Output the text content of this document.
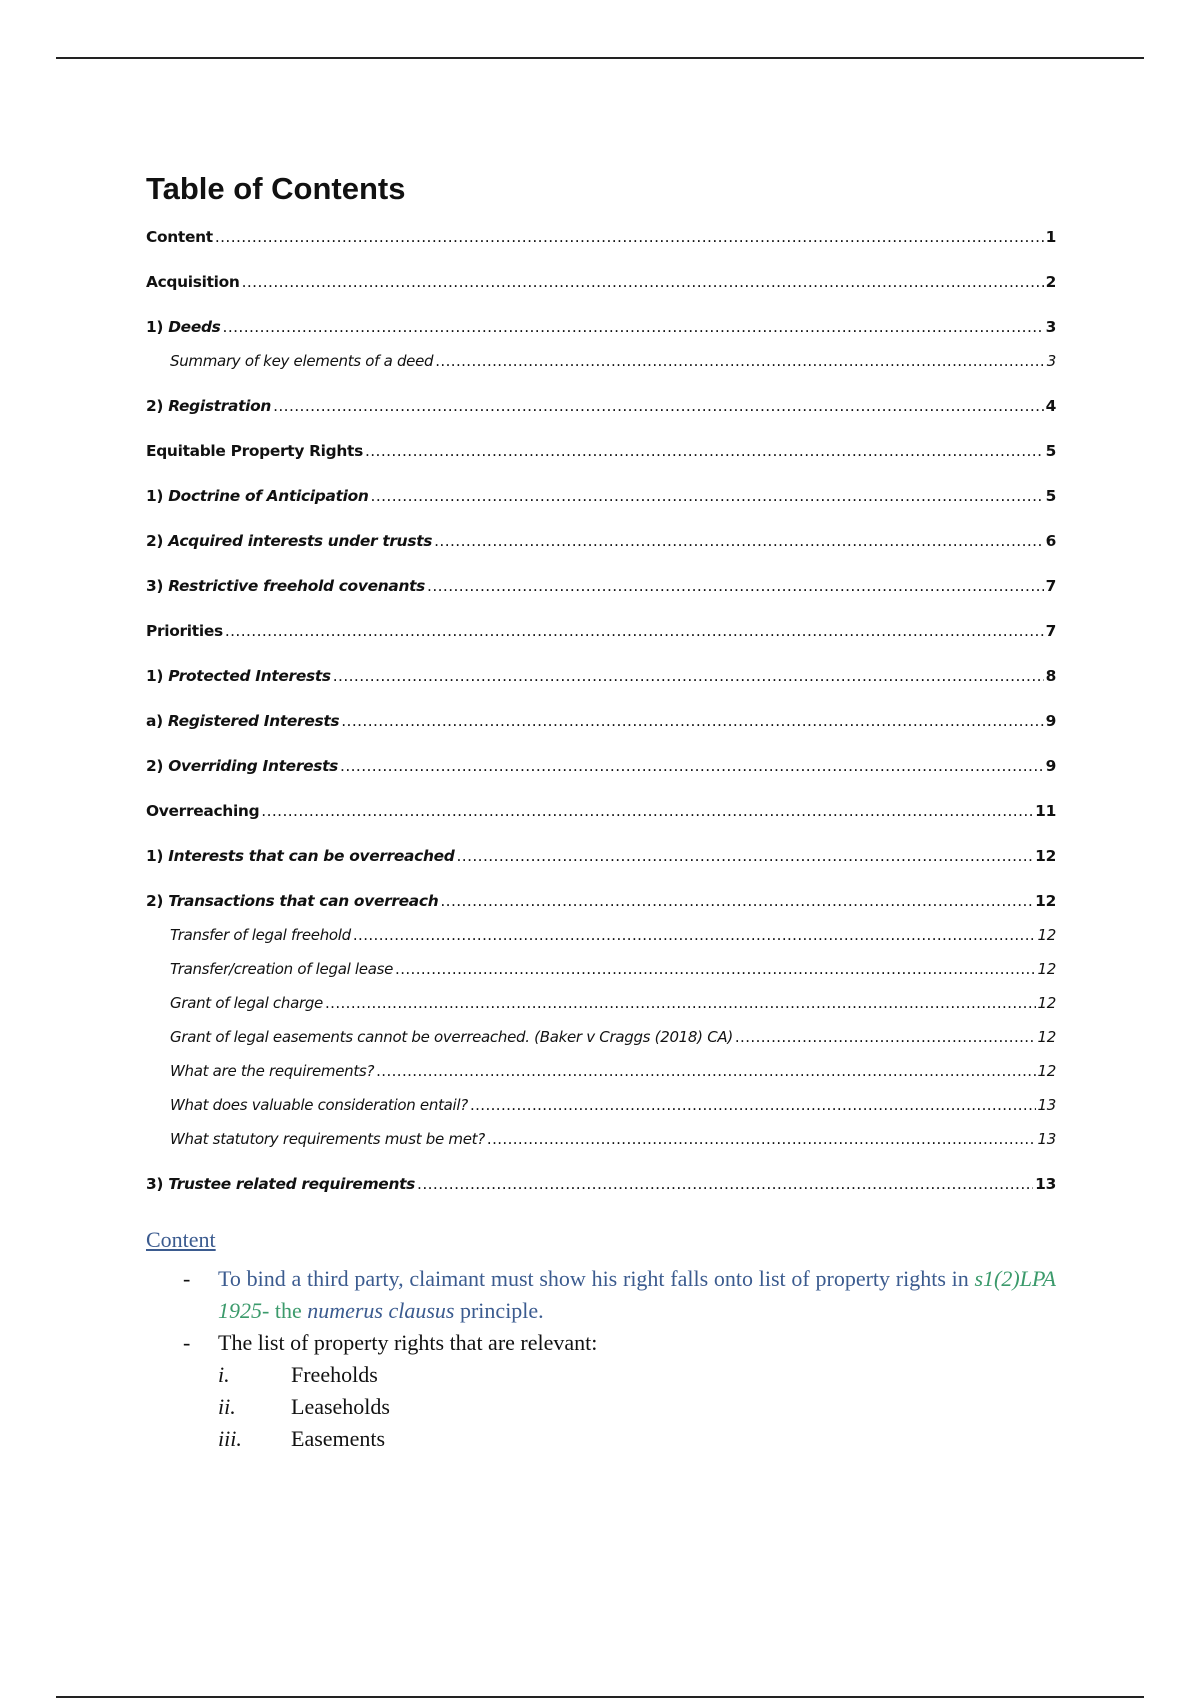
Table of Contents
Content .....	1
Acquisition .....	2
1) Deeds .....	3
Summary of key elements of a deed .....	3
2) Registration .....	4
Equitable Property Rights .....	5
1) Doctrine of Anticipation .....	5
2) Acquired interests under trusts .....	6
3) Restrictive freehold covenants .....	7
Priorities .....	7
1) Protected Interests .....	8
a) Registered Interests .....	9
2) Overriding Interests .....	9
Overreaching .....	11
1) Interests that can be overreached .....	12
2) Transactions that can overreach .....	12
Transfer of legal freehold .....	12
Transfer/creation of legal lease .....	12
Grant of legal charge .....	12
Grant of legal easements cannot be overreached. (Baker v Craggs (2018) CA) .....	12
What are the requirements? .....	12
What does valuable consideration entail? .....	13
What statutory requirements must be met? .....	13
3) Trustee related requirements .....	13
Content
- To bind a third party, claimant must show his right falls onto list of property rights in s1(2)LPA 1925- the numerus clausus principle.
- The list of property rights that are relevant:
i.	Freeholds
ii.	Leaseholds
iii.	Easements
